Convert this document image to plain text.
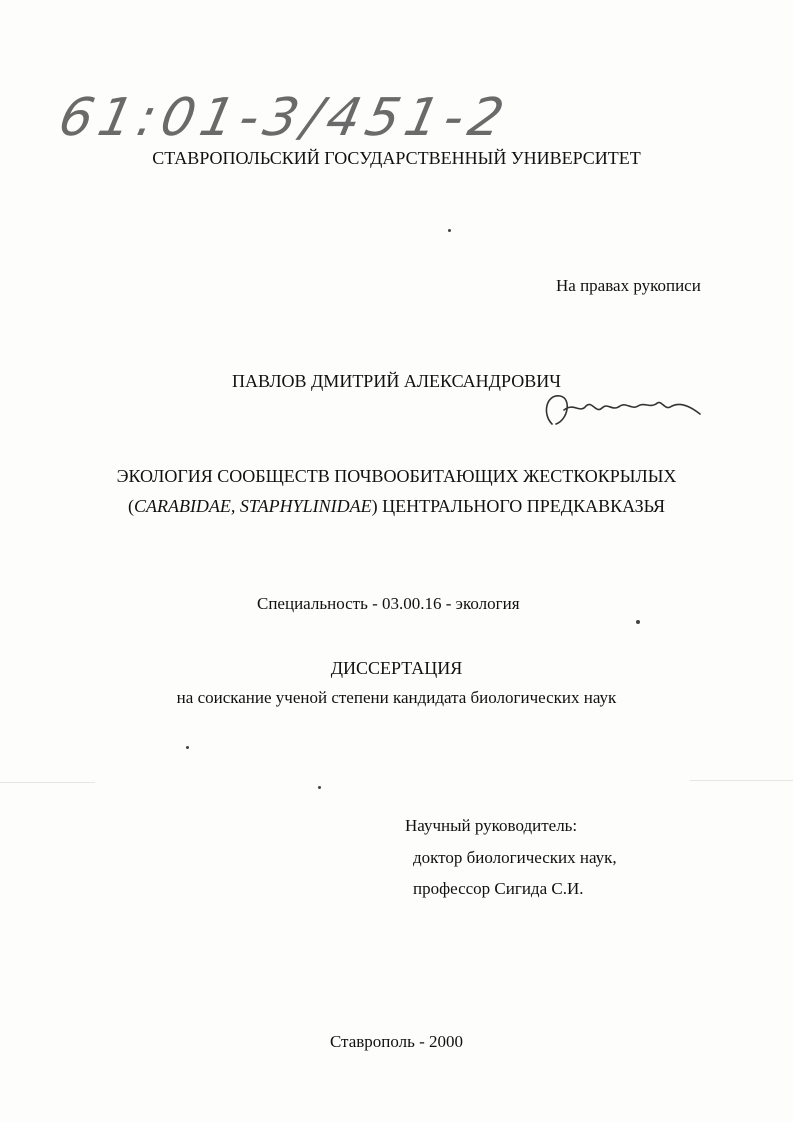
61:01-3/451-2
СТАВРОПОЛЬСКИЙ ГОСУДАРСТВЕННЫЙ УНИВЕРСИТЕТ
На правах рукописи
ПАВЛОВ ДМИТРИЙ АЛЕКСАНДРОВИЧ
ЭКОЛОГИЯ СООБЩЕСТВ ПОЧВООБИТАЮЩИХ ЖЕСТКОКРЫЛЫХ
(CARABIDAE, STAPHYLINIDAE) ЦЕНТРАЛЬНОГО ПРЕДКАВКАЗЬЯ
Специальность - 03.00.16 - экология
ДИССЕРТАЦИЯ
на соискание ученой степени кандидата биологических наук
Научный руководитель:
доктор биологических наук,
профессор Сигида С.И.
Ставрополь - 2000
